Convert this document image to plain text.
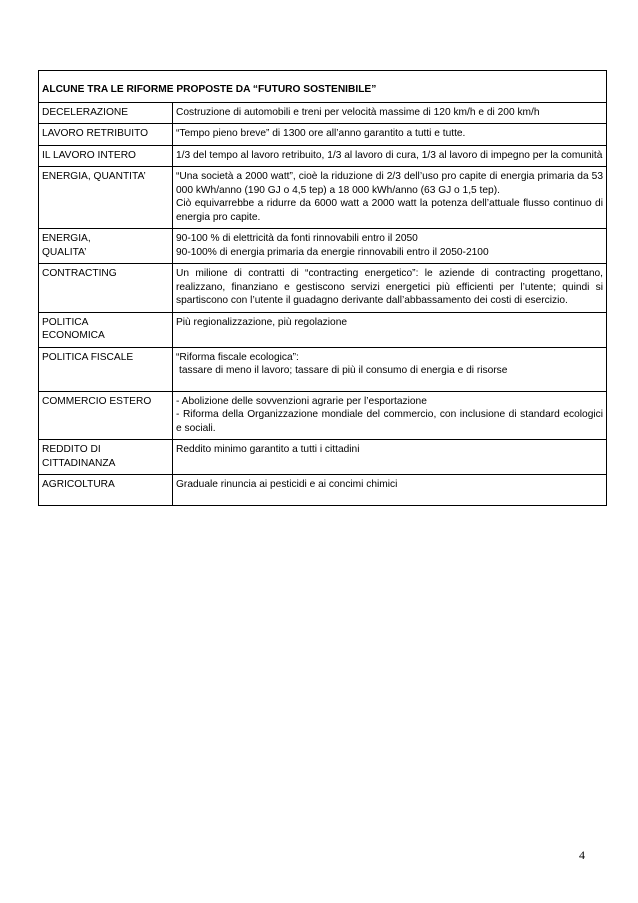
ALCUNE TRA LE RIFORME PROPOSTE DA “FUTURO SOSTENIBILE”	

DECELERAZIONE	Costruzione di automobili e treni per velocità massime di 120 km/h e di 200 km/h

LAVORO RETRIBUITO	“Tempo pieno breve” di 1300 ore all’anno garantito a tutti e tutte.

IL LAVORO INTERO	1/3 del tempo al lavoro retribuito, 1/3 al lavoro di cura, 1/3 al lavoro di impegno per la comunità

ENERGIA, QUANTITA’	“Una società a 2000 watt”, cioè la riduzione di 2/3 dell’uso pro capite di energia primaria da 53 000 kWh/anno (190 GJ o 4,5 tep) a 18 000 kWh/anno (63 GJ o 1,5 tep).
Ciò equivarrebbe a ridurre da 6000 watt a 2000 watt la potenza dell’attuale flusso continuo di energia pro capite.

ENERGIA,
QUALITA’	90-100 % di elettricità da fonti rinnovabili entro il 2050
90-100% di energia primaria da energie rinnovabili entro il 2050-2100

CONTRACTING	Un milione di contratti di “contracting energetico”: le aziende di contracting progettano, realizzano, finanziano e gestiscono servizi energetici più efficienti per l’utente; quindi si spartiscono con l’utente il guadagno derivante dall’abbassamento dei costi di esercizio.

POLITICA
ECONOMICA	Più regionalizzazione, più regolazione

POLITICA FISCALE	“Riforma fiscale ecologica”:
tassare di meno il lavoro; tassare di più il consumo di energia e di risorse

COMMERCIO ESTERO	- Abolizione delle sovvenzioni agrarie per l’esportazione
- Riforma della Organizzazione mondiale del commercio, con inclusione di standard ecologici e sociali.

REDDITO DI
CITTADINANZA	Reddito minimo garantito a tutti i cittadini

AGRICOLTURA	Graduale rinuncia ai pesticidi e ai concimi chimici
4
